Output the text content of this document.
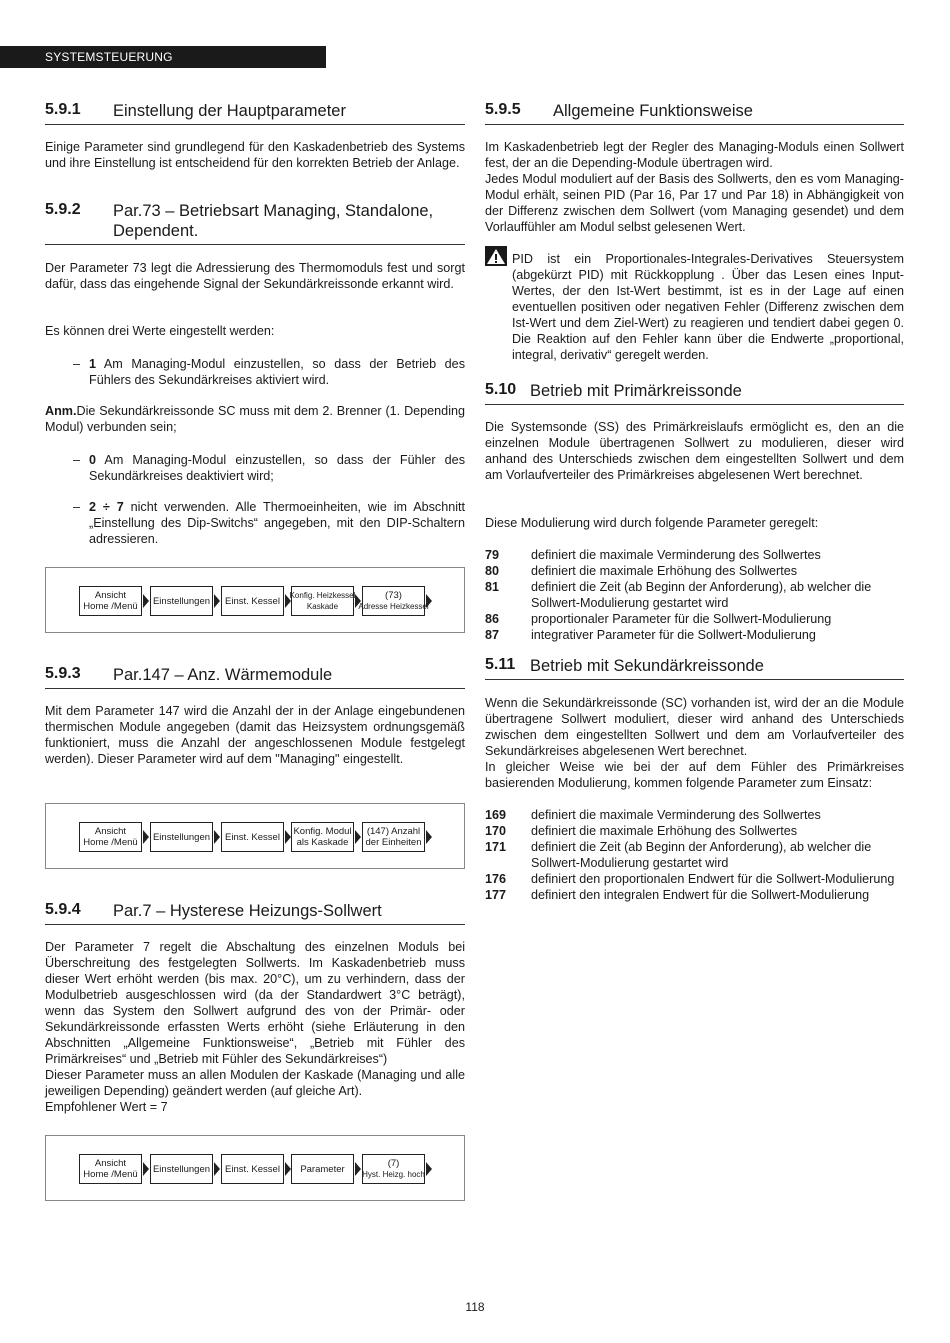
SYSTEMSTEUERUNG
5.9.1 Einstellung der Hauptparameter

Einige Parameter sind grundlegend für den Kaskadenbetrieb des Systems und ihre Einstellung ist entscheidend für den korrekten Betrieb der Anlage.

5.9.2 Par.73 – Betriebsart Managing, Standalone, Dependent.

Der Parameter 73 legt die Adressierung des Thermomoduls fest und sorgt dafür, dass das eingehende Signal der Sekundärkreissonde erkannt wird.

Es können drei Werte eingestellt werden:

– 1 Am Managing-Modul einzustellen, so dass der Betrieb des Fühlers des Sekundärkreises aktiviert wird.

Anm.Die Sekundärkreissonde SC muss mit dem 2. Brenner (1. Depending Modul) verbunden sein;

– 0 Am Managing-Modul einzustellen, so dass der Fühler des Sekundärkreises deaktiviert wird;
– 2 ÷ 7 nicht verwenden. Alle Thermoeinheiten, wie im Abschnitt „Einstellung des Dip-Switchs“ angegeben, mit den DIP-Schaltern adressieren.
Ansicht
Home /Menü Einstellungen Einst. Kessel Konfig. Heizkessel
Kaskade
(73)
Adresse Heizkessel
5.9.3 Par.147 – Anz. Wärmemodule

Mit dem Parameter 147 wird die Anzahl der in der Anlage eingebundenen thermischen Module angegeben (damit das Heizsystem ordnungsgemäß funktioniert, muss die Anzahl der angeschlossenen Module festgelegt werden). Dieser Parameter wird auf dem "Managing" eingestellt.

Ansicht
Home /Menü Einstellungen Einst. Kessel Konfig. Modul
als Kaskade
(147) Anzahl
der Einheiten
5.9.4 Par.7 – Hysterese Heizungs-Sollwert

Der Parameter 7 regelt die Abschaltung des einzelnen Moduls bei Überschreitung des festgelegten Sollwerts. Im Kaskadenbetrieb muss dieser Wert erhöht werden (bis max. 20°C), um zu verhindern, dass der Modulbetrieb ausgeschlossen wird (da der Standardwert 3°C beträgt), wenn das System den Sollwert aufgrund des von der Primär- oder Sekundärkreissonde erfassten Werts erhöht (siehe Erläuterung in den Abschnitten „Allgemeine Funktionsweise“, „Betrieb mit Fühler des Primärkreises“ und „Betrieb mit Fühler des Sekundärkreises“)

Dieser Parameter muss an allen Modulen der Kaskade (Managing und alle jeweiligen Depending) geändert werden (auf gleiche Art).

Empfohlener Wert = 7

Ansicht
Home /Menü Einstellungen Einst. Kessel Parameter	(7)
Hyst. Heizg. hoch
5.9.5 Allgemeine Funktionsweise

Im Kaskadenbetrieb legt der Regler des Managing-Moduls einen Sollwert fest, der an die Depending-Module übertragen wird.

Jedes Modul moduliert auf der Basis des Sollwerts, den es vom Managing-Modul erhält, seinen PID (Par 16, Par 17 und Par 18) in Abhängigkeit von der Differenz zwischen dem Sollwert (vom Managing gesendet) und dem Vorlauffühler am Modul selbst gelesenen Wert.

PID ist ein Proportionales-Integrales-Derivatives Steuersystem (abgekürzt PID) mit Rückkopplung . Über das Lesen eines Input-Wertes, der den Ist-Wert bestimmt, ist es in der Lage auf einen eventuellen positiven oder negativen Fehler (Differenz zwischen dem Ist-Wert und dem Ziel-Wert) zu reagieren und tendiert dabei gegen 0. Die Reaktion auf den Fehler kann über die Endwerte „proportional, integral, derivativ“ geregelt werden.

5.10 Betrieb mit Primärkreissonde

Die Systemsonde (SS) des Primärkreislaufs ermöglicht es, den an die einzelnen Module übertragenen Sollwert zu modulieren, dieser wird anhand des Unterschieds zwischen dem eingestellten Sollwert und dem am Vorlaufverteiler des Primärkreises abgelesenen Wert berechnet.

Diese Modulierung wird durch folgende Parameter geregelt:

79	definiert die maximale Verminderung des Sollwertes
80	definiert die maximale Erhöhung des Sollwertes
81	definiert die Zeit (ab Beginn der Anforderung), ab welcher die Sollwert-Modulierung gestartet wird
86	proportionaler Parameter für die Sollwert-Modulierung
87	integrativer Parameter für die Sollwert-Modulierung
5.11 Betrieb mit Sekundärkreissonde

Wenn die Sekundärkreissonde (SC) vorhanden ist, wird der an die Module übertragene Sollwert moduliert, dieser wird anhand des Unterschieds zwischen dem eingestellten Sollwert und dem am Vorlaufverteiler des Sekundärkreises abgelesenen Wert berechnet.

In gleicher Weise wie bei der auf dem Fühler des Primärkreises basierenden Modulierung, kommen folgende Parameter zum Einsatz:

169 definiert die maximale Verminderung des Sollwertes
170 definiert die maximale Erhöhung des Sollwertes
171 definiert die Zeit (ab Beginn der Anforderung), ab welcher die Sollwert-Modulierung gestartet wird
176 definiert den proportionalen Endwert für die Sollwert-Modulierung
177 definiert den integralen Endwert für die Sollwert-Modulierung
118
